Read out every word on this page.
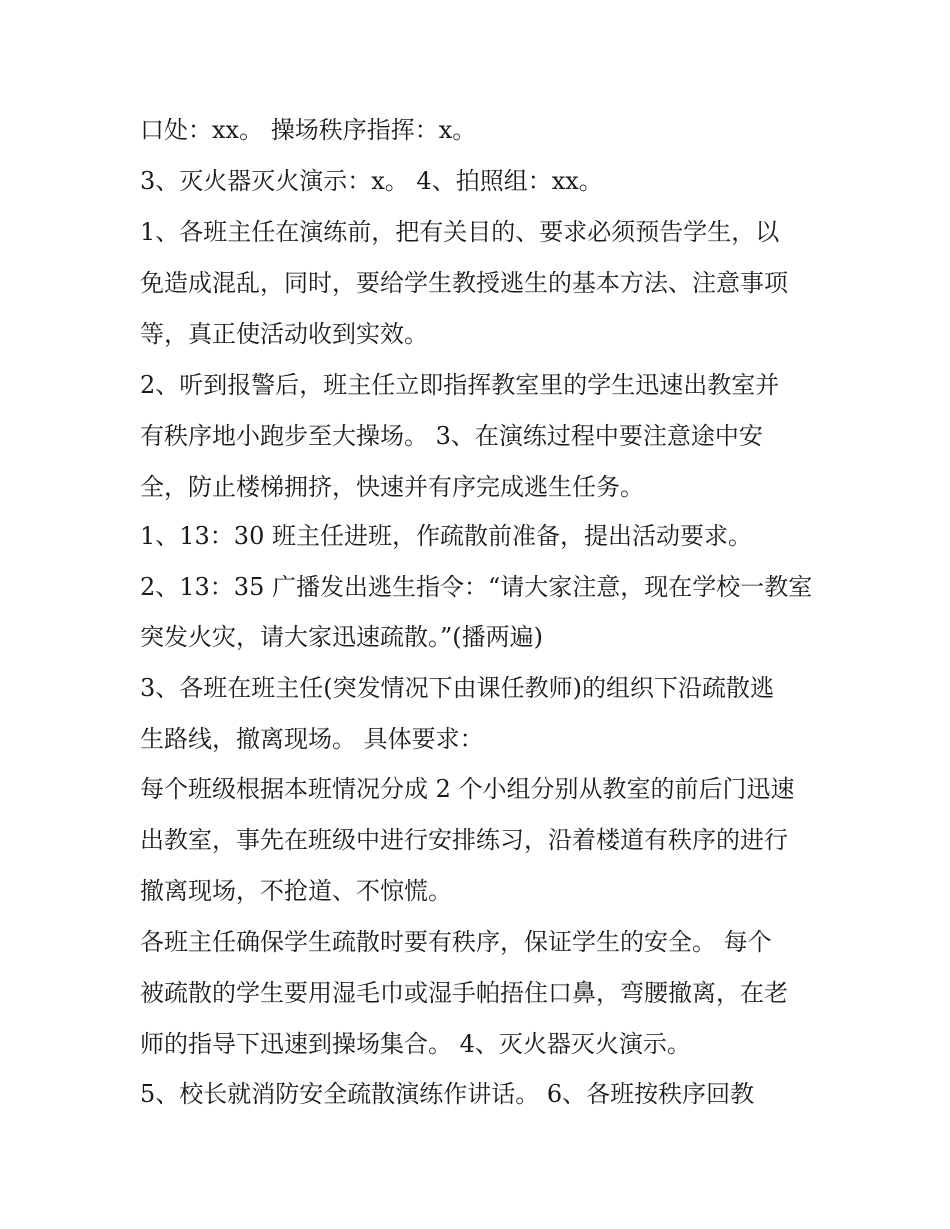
口处：xx。 操场秩序指挥：x。
3、灭火器灭火演示：x。 4、拍照组：xx。
1、各班主任在演练前，把有关目的、要求必须预告学生，以
免造成混乱，同时，要给学生教授逃生的基本方法、注意事项
等，真正使活动收到实效。
2、听到报警后，班主任立即指挥教室里的学生迅速出教室并
有秩序地小跑步至大操场。 3、在演练过程中要注意途中安
全，防止楼梯拥挤，快速并有序完成逃生任务。
1、13：30 班主任进班，作疏散前准备，提出活动要求。
2、13：35 广播发出逃生指令：“请大家注意，现在学校一教室
突发火灾，请大家迅速疏散。”(播两遍)
3、各班在班主任(突发情况下由课任教师)的组织下沿疏散逃
生路线，撤离现场。 具体要求：
每个班级根据本班情况分成 2 个小组分别从教室的前后门迅速
出教室，事先在班级中进行安排练习，沿着楼道有秩序的进行
撤离现场，不抢道、不惊慌。
各班主任确保学生疏散时要有秩序，保证学生的安全。 每个
被疏散的学生要用湿毛巾或湿手帕捂住口鼻，弯腰撤离，在老
师的指导下迅速到操场集合。 4、灭火器灭火演示。
5、校长就消防安全疏散演练作讲话。 6、各班按秩序回教
